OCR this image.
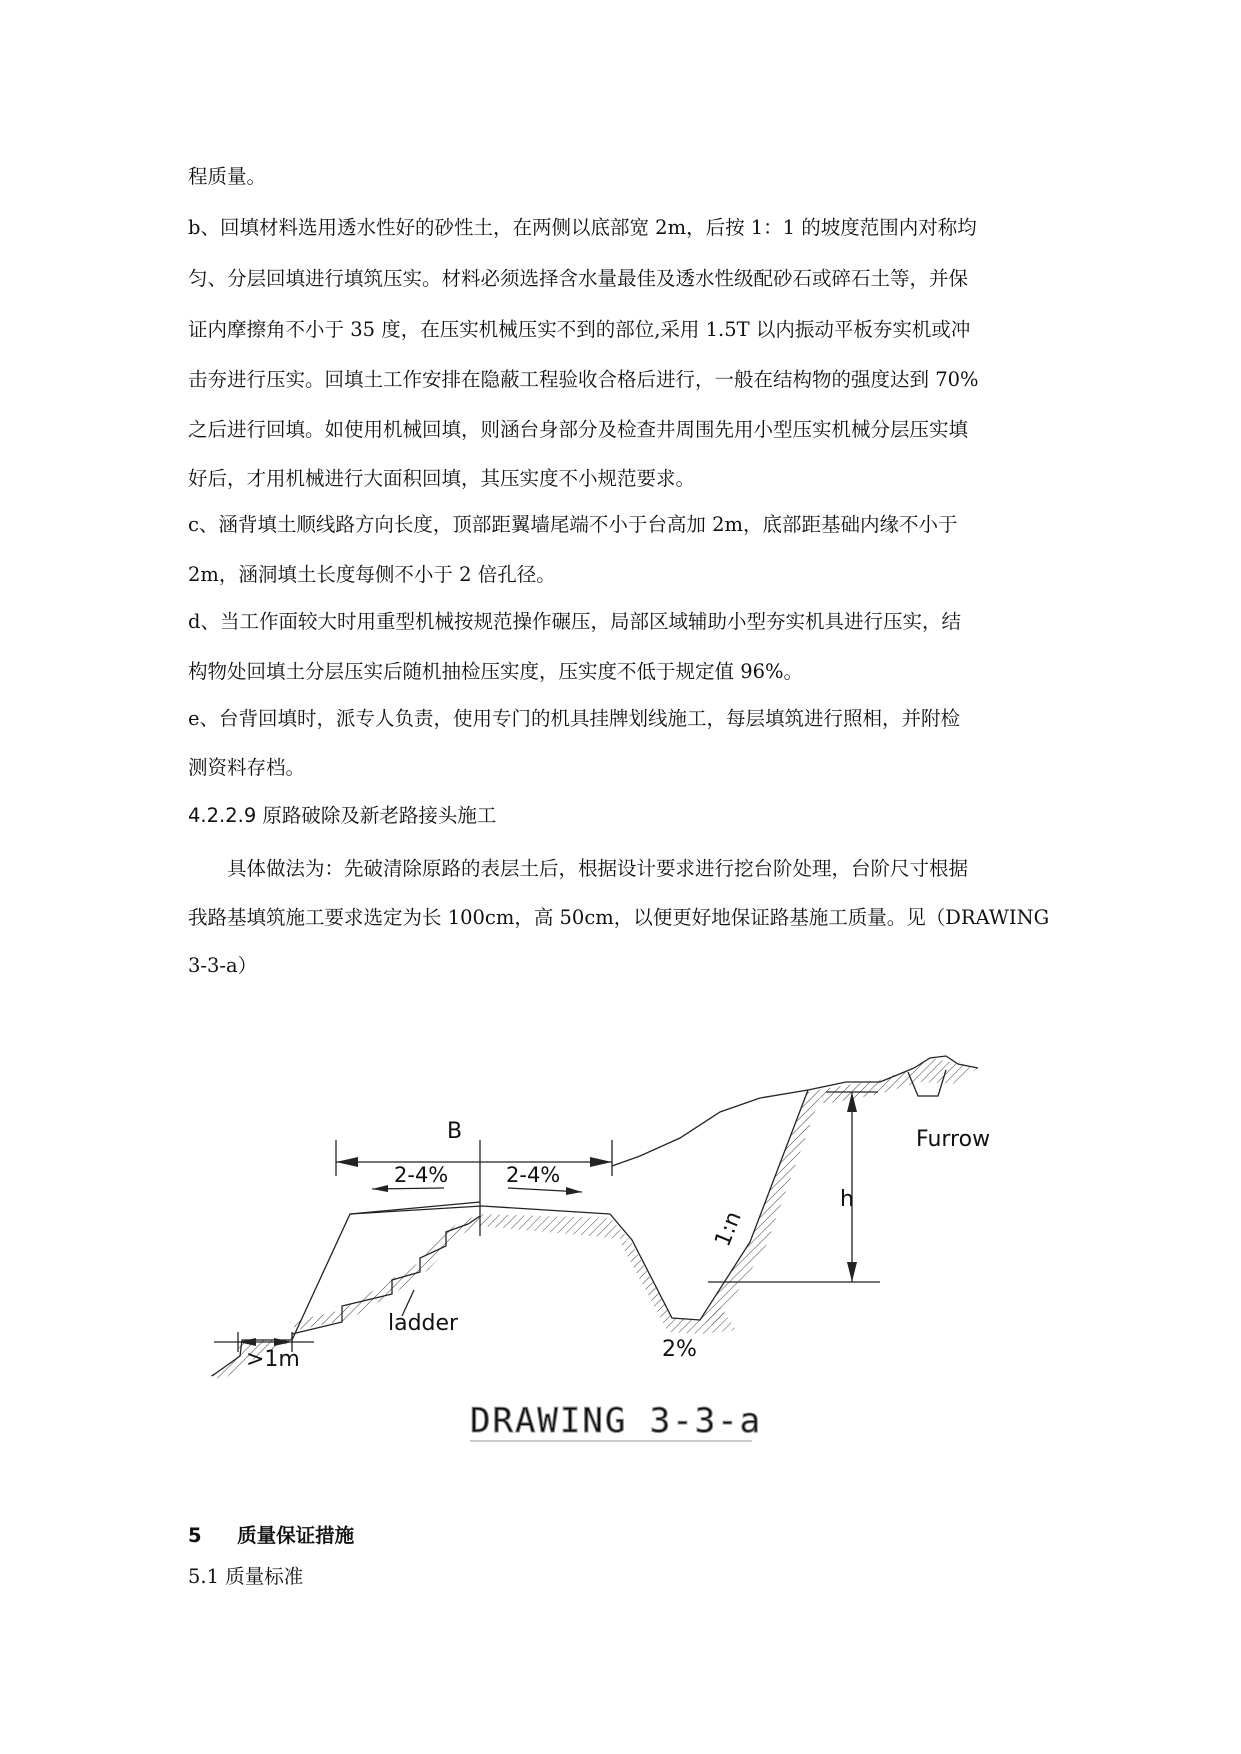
程质量。
b、回填材料选用透水性好的砂性土，在两侧以底部宽 2m，后按 1：1 的坡度范围内对称均
匀、分层回填进行填筑压实。材料必须选择含水量最佳及透水性级配砂石或碎石土等，并保
证内摩擦角不小于 35 度，在压实机械压实不到的部位,采用 1.5T 以内振动平板夯实机或冲
击夯进行压实。回填土工作安排在隐蔽工程验收合格后进行，一般在结构物的强度达到 70%
之后进行回填。如使用机械回填，则涵台身部分及检查井周围先用小型压实机械分层压实填
好后，才用机械进行大面积回填，其压实度不小规范要求。
c、涵背填土顺线路方向长度，顶部距翼墙尾端不小于台高加 2m，底部距基础内缘不小于
2m，涵洞填土长度每侧不小于 2 倍孔径。
d、当工作面较大时用重型机械按规范操作碾压，局部区域辅助小型夯实机具进行压实，结
构物处回填土分层压实后随机抽检压实度，压实度不低于规定值 96%。
e、台背回填时，派专人负责，使用专门的机具挂牌划线施工，每层填筑进行照相，并附检
测资料存档。
4.2.2.9 原路破除及新老路接头施工
　　具体做法为：先破清除原路的表层土后，根据设计要求进行挖台阶处理，台阶尺寸根据
我路基填筑施工要求选定为长 100cm，高 50cm，以便更好地保证路基施工质量。见（DRAWING
3-3-a）
B
2-4%	2-4%
1:n
h
Furrow
ladder
>1m	2%
DRAWING 3-3-a
5 质量保证措施
5.1 质量标准
